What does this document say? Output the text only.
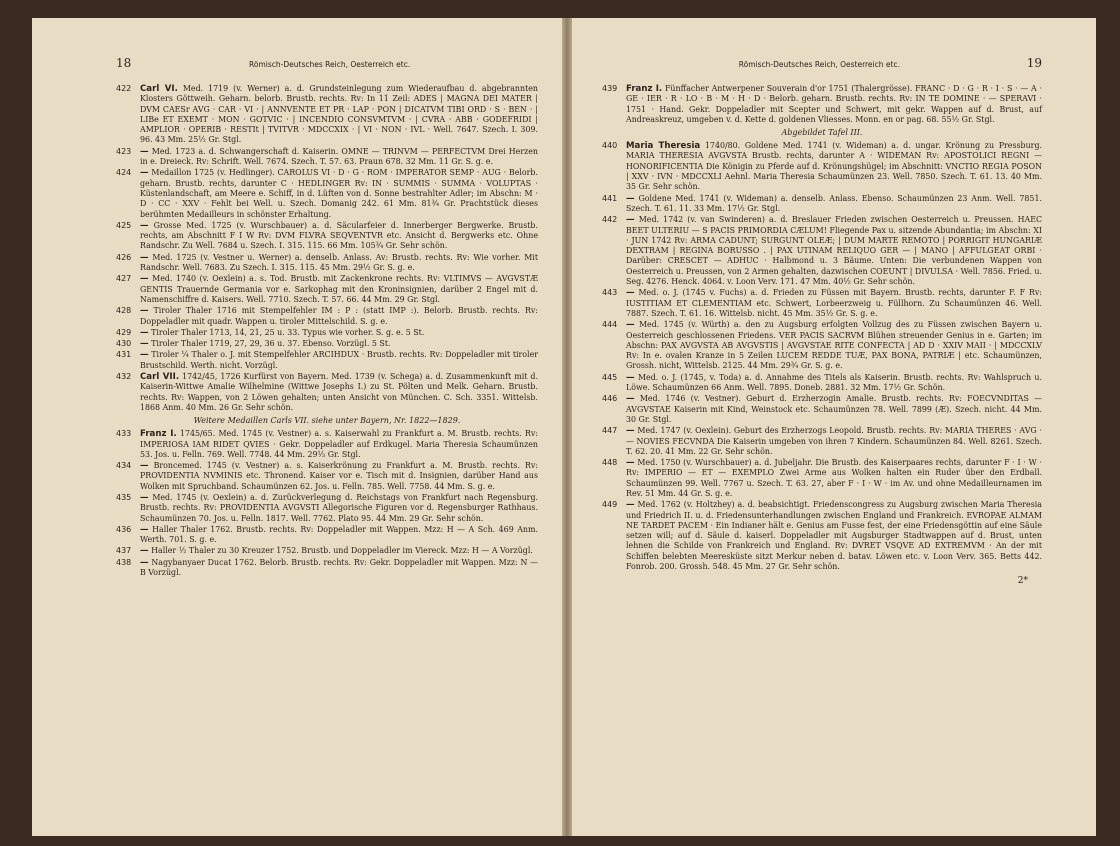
18	Römisch-Deutsches Reich, Oesterreich etc.
422 Carl VI. Med. 1719 (v. Werner) a. d. Grundsteinlegung zum Wiederaufbau d. abgebrannten Klosters Göttweih. Geharn. belorb. Brustb. rechts. Rv: In 11 Zeil: ADES | MAGNA DEI MATER | DVM CAESr AVG · CAR · VI · | ANNVENTE ET PR · LAP · PON | DICATVM TIBI ORD · S · BEN · | LIBe ET EXEMT · MON · GOTVIC · | INCENDIO CONSVMTVM · | CVRA · ABB · GODEFRIDI | AMPLIOR · OPERIB · RESTIt | TVITVR · MDCCXIX · | VI · NON · IVL · Well. 7647. Szech. I. 309. 96. 43 Mm. 25½ Gr. Stgl.
423 — Med. 1723 a. d. Schwangerschaft d. Kaiserin. OMNE — TRINVM — PERFECTVM Drei Herzen in e. Dreieck. Rv: Schrift. Well. 7674. Szech. T. 57. 63. Praun 678. 32 Mm. 11 Gr. S. g. e.
424 — Medaillon 1725 (v. Hedlinger). CAROLUS VI · D · G · ROM · IMPERATOR SEMP · AUG · Belorb. geharn. Brustb. rechts, darunter C · HEDLINGER Rv: IN · SUMMIS · SUMMA · VOLUPTAS · Küstenlandschaft, am Meere e. Schiff, in d. Lüften von d. Sonne bestrahlter Adler; im Abschn: M · D · CC · XXV · Fehlt bei Well. u. Szech. Domanig 242. 61 Mm. 81¾ Gr. Prachtstück dieses berühmten Medailleurs in schönster Erhaltung.
425 — Grosse Med. 1725 (v. Wurschbauer) a. d. Säcularfeier d. Innerberger Bergwerke. Brustb. rechts, am Abschnitt F I W Rv: DVM FLVRA SEQVENTVR etc. Ansicht d. Bergwerks etc. Ohne Randschr. Zu Well. 7684 u. Szech. I. 315. 115. 66 Mm. 105¾ Gr. Sehr schön.
426 — Med. 1725 (v. Vestner u. Werner) a. denselb. Anlass. Av: Brustb. rechts. Rv: Wie vorher. Mit Randschr. Well. 7683. Zu Szech. I. 315. 115. 45 Mm. 29½ Gr. S. g. e.
427 — Med. 1740 (v. Oexlein) a. s. Tod. Brustb. mit Zackenkrone rechts. Rv: VLTIMVS — AVGVSTÆ GENTIS Trauernde Germania vor e. Sarkophag mit den Kroninsignien, darüber 2 Engel mit d. Namenschiffre d. Kaisers. Well. 7710. Szech. T. 57. 66. 44 Mm. 29 Gr. Stgl.
428 — Tiroler Thaler 1716 mit Stempelfehler IM : P : (statt IMP :). Belorb. Brustb. rechts. Rv: Doppeladler mit quadr. Wappen u. tiroler Mittelschild. S. g. e.
429 — Tiroler Thaler 1713, 14, 21, 25 u. 33. Typus wie vorher. S. g. e. 5 St.
430 — Tiroler Thaler 1719, 27, 29, 36 u. 37. Ebenso. Vorzügl. 5 St.
431 — Tiroler ¼ Thaler o. J. mit Stempelfehler ARCIHDUX · Brustb. rechts. Rv: Doppeladler mit tiroler Brustschild. Werth. nicht. Vorzügl.
432 Carl VII. 1742/45, 1726 Kurfürst von Bayern. Med. 1739 (v. Schega) a. d. Zusammenkunft mit d. Kaiserin-Wittwe Amalie Wilhelmine (Wittwe Josephs I.) zu St. Pölten und Melk. Geharn. Brustb. rechts. Rv: Wappen, von 2 Löwen gehalten; unten Ansicht von München. C. Sch. 3351. Wittelsb. 1868 Anm. 40 Mm. 26 Gr. Sehr schön.
Weitere Medaillen Carls VII. siehe unter Bayern, Nr. 1822—1829.
433 Franz I. 1745/65. Med. 1745 (v. Vestner) a. s. Kaiserwahl zu Frankfurt a. M. Brustb. rechts. Rv: IMPERIOSA IAM RIDET QVIES · Gekr. Doppeladler auf Erdkugel. Maria Theresia Schaumünzen 53. Jos. u. Felln. 769. Well. 7748. 44 Mm. 29⅓ Gr. Stgl.
434 — Broncemed. 1745 (v. Vestner) a. s. Kaiserkrönung zu Frankfurt a. M. Brustb. rechts. Rv: PROVIDENTIA NVMINIS etc. Thronend. Kaiser vor e. Tisch mit d. Insignien, darüber Hand aus Wolken mit Spruchband. Schaumünzen 62. Jos. u. Felln. 785. Well. 7758. 44 Mm. S. g. e.
435 — Med. 1745 (v. Oexlein) a. d. Zurückverlegung d. Reichstags von Frankfurt nach Regensburg. Brustb. rechts. Rv: PROVIDENTIA AVGVSTI Allegorische Figuren vor d. Regensburger Rathhaus. Schaumünzen 70. Jos. u. Felln. 1817. Well. 7762. Plato 95. 44 Mm. 29 Gr. Sehr schön.
436 — Haller Thaler 1762. Brustb. rechts. Rv: Doppeladler mit Wappen. Mzz: H — A Sch. 469 Anm. Werth. 701. S. g. e.
437 — Haller ½ Thaler zu 30 Kreuzer 1752. Brustb. und Doppeladler im Viereck. Mzz: H — A Vorzügl.
438 — Nagybanyaer Ducat 1762. Belorb. Brustb. rechts. Rv: Gekr. Doppeladler mit Wappen. Mzz: N — B Vorzügl.
Römisch-Deutsches Reich, Oesterreich etc.	19
439 Franz I. Fünffacher Antwerpener Souverain d'or 1751 (Thalergrösse). FRANC · D · G · R · I · S · — A · GE · IER · R · LO · B · M · H · D · Belorb. geharn. Brustb. rechts. Rv: IN TE DOMINE · — SPERAVI · 1751 · Hand. Gekr. Doppeladler mit Scepter und Schwert, mit gekr. Wappen auf d. Brust, auf Andreaskreuz, umgeben v. d. Kette d. goldenen Vliesses. Monn. en or pag. 68. 55½ Gr. Stgl.
Abgebildet Tafel III.
440 Maria Theresia 1740/80. Goldene Med. 1741 (v. Wideman) a. d. ungar. Krönung zu Pressburg. MARIA THERESIA AVGVSTA Brustb. rechts, darunter A · WIDEMAN Rv: APOSTOLICI REGNI — HONORIFICENTIA Die Königin zu Pferde auf d. Krönungshügel; im Abschnitt: VNCTIO REGIA POSON | XXV · IVN · MDCCXLI Aehnl. Maria Theresia Schaumünzen 23. Well. 7850. Szech. T. 61. 13. 40 Mm. 35 Gr. Sehr schön.
441 — Goldene Med. 1741 (v. Wideman) a. denselb. Anlass. Ebenso. Schaumünzen 23 Anm. Well. 7851. Szech. T. 61. 11. 33 Mm. 17½ Gr. Stgl.
442 — Med. 1742 (v. van Swinderen) a. d. Breslauer Frieden zwischen Oesterreich u. Preussen. HAEC BEET ULTERIU — S PACIS PRIMORDIA CÆLUM! Fliegende Pax u. sitzende Abundantia; im Abschn: XI · JUN 1742 Rv: ARMA CADUNT; SURGUNT OLEÆ; | DUM MARTE REMOTO | PORRIGIT HUNGARIÆ DEXTRAM | REGINA BORUSSO . | PAX UTINAM RELIQUO GER — | MANO | AFFULGEAT ORBI · Darüber: CRESCET — ADHUC · Halbmond u. 3 Bäume. Unten: Die verbundenen Wappen von Oesterreich u. Preussen, von 2 Armen gehalten, dazwischen COEUNT | DIVULSA · Well. 7856. Fried. u. Seg. 4276. Henck. 4064. v. Loon Verv. 171. 47 Mm. 40½ Gr. Sehr schön.
443 — Med. o. J. (1745 v. Fuchs) a. d. Frieden zu Füssen mit Bayern. Brustb. rechts, darunter F. F Rv: IUSTITIAM ET CLEMENTIAM etc. Schwert, Lorbeerzweig u. Füllhorn. Zu Schaumünzen 46. Well. 7887. Szech. T. 61. 16. Wittelsb. nicht. 45 Mm. 35½ Gr. S. g. e.
444 — Med. 1745 (v. Würth) a. den zu Augsburg erfolgten Vollzug des zu Füssen zwischen Bayern u. Oesterreich geschlossenen Friedens. VER PACIS SACRVM Blühen streuender Genius in e. Garten; im Abschn: PAX AVGVSTA AB AVGVSTIS | AVGVSTAE RITE CONFECTA | AD D · XXIV MAII · | MDCCXLV Rv: In e. ovalen Kranze in 5 Zeilen LUCEM REDDE TUÆ, PAX BONA, PATRIÆ | etc. Schaumünzen, Grossh. nicht, Wittelsb. 2125. 44 Mm. 29¾ Gr. S. g. e.
445 — Med. o. J. (1745, v. Toda) a. d. Annahme des Titels als Kaiserin. Brustb. rechts. Rv: Wahlspruch u. Löwe. Schaumünzen 66 Anm. Well. 7895. Doneb. 2881. 32 Mm. 17½ Gr. Schön.
446 — Med. 1746 (v. Vestner). Geburt d. Erzherzogin Amalie. Brustb. rechts. Rv: FOECVNDITAS — AVGVSTAE Kaiserin mit Kind, Weinstock etc. Schaumünzen 78. Well. 7899 (Æ). Szech. nicht. 44 Mm. 30 Gr. Stgl.
447 — Med. 1747 (v. Oexlein). Geburt des Erzherzogs Leopold. Brustb. rechts. Rv: MARIA THERES · AVG · — NOVIES FECVNDA Die Kaiserin umgeben von ihren 7 Kindern. Schaumünzen 84. Well. 8261. Szech. T. 62. 20. 41 Mm. 22 Gr. Sehr schön.
448 — Med. 1750 (v. Wurschbauer) a. d. Jubeljahr. Die Brustb. des Kaiserpaares rechts, darunter F · I · W · Rv: IMPERIO — ET — EXEMPLO Zwei Arme aus Wolken halten ein Ruder über den Erdball. Schaumünzen 99. Well. 7767 u. Szech. T. 63. 27, aber F · I · W · im Av. und ohne Medailleurnamen im Rev. 51 Mm. 44 Gr. S. g. e.
449 — Med. 1762 (v. Holtzhey) a. d. beabsichtigt. Friedenscongress zu Augsburg zwischen Maria Theresia und Friedrich II. u. d. Friedensunterhandlungen zwischen England und Frankreich. EVROPAE ALMAM NE TARDET PACEM · Ein Indianer hält e. Genius am Fusse fest, der eine Friedensgöttin auf eine Säule setzen will; auf d. Säule d. kaiserl. Doppeladler mit Augsburger Stadtwappen auf d. Brust, unten lehnen die Schilde von Frankreich und England. Rv: DVRET VSQVE AD EXTREMVM · An der mit Schiffen belebten Meeresküste sitzt Merkur neben d. batav. Löwen etc. v. Loon Verv. 365. Betts 442. Fonrob. 200. Grossh. 548. 45 Mm. 27 Gr. Sehr schön.
2*
